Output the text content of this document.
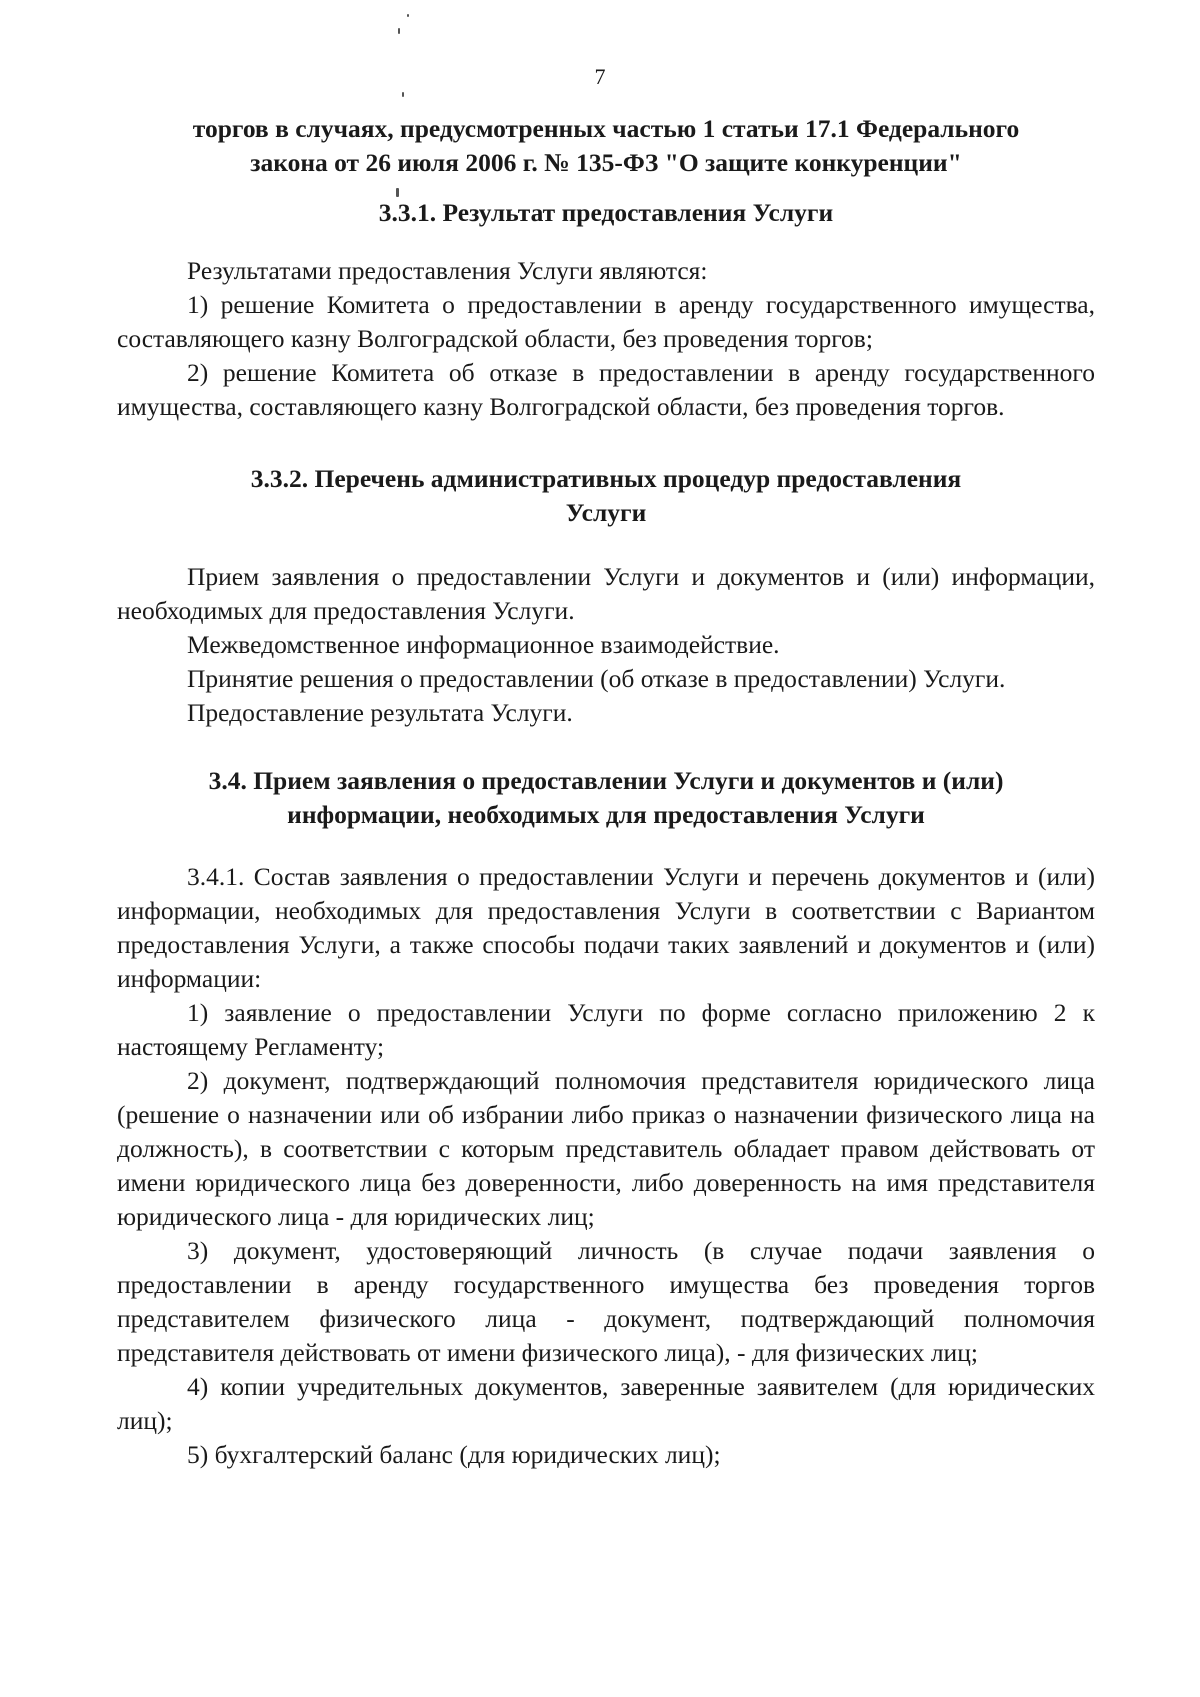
7

торгов в случаях, предусмотренных частью 1 статьи 17.1 Федерального
закона от 26 июля 2006 г. № 135-ФЗ "О защите конкуренции"

3.3.1. Результат предоставления Услуги

Результатами предоставления Услуги являются:

1) решение Комитета о предоставлении в аренду государственного имущества, составляющего казну Волгоградской области, без проведения торгов;

2) решение Комитета об отказе в предоставлении в аренду государственного имущества, составляющего казну Волгоградской области, без проведения торгов.

3.3.2. Перечень административных процедур предоставления
Услуги

Прием заявления о предоставлении Услуги и документов и (или) информации, необходимых для предоставления Услуги.

Межведомственное информационное взаимодействие.

Принятие решения о предоставлении (об отказе в предоставлении) Услуги.

Предоставление результата Услуги.

3.4. Прием заявления о предоставлении Услуги и документов и (или)
информации, необходимых для предоставления Услуги

3.4.1. Состав заявления о предоставлении Услуги и перечень документов и (или) информации, необходимых для предоставления Услуги в соответствии с Вариантом предоставления Услуги, а также способы подачи таких заявлений и документов и (или) информации:

1) заявление о предоставлении Услуги по форме согласно приложению 2 к настоящему Регламенту;

2) документ, подтверждающий полномочия представителя юридического лица (решение о назначении или об избрании либо приказ о назначении физического лица на должность), в соответствии с которым представитель обладает правом действовать от имени юридического лица без доверенности, либо доверенность на имя представителя юридического лица - для юридических лиц;

3) документ, удостоверяющий личность (в случае подачи заявления о предоставлении в аренду государственного имущества без проведения торгов представителем физического лица - документ, подтверждающий полномочия представителя действовать от имени физического лица), - для физических лиц;

4) копии учредительных документов, заверенные заявителем (для юридических лиц);

5) бухгалтерский баланс (для юридических лиц);
